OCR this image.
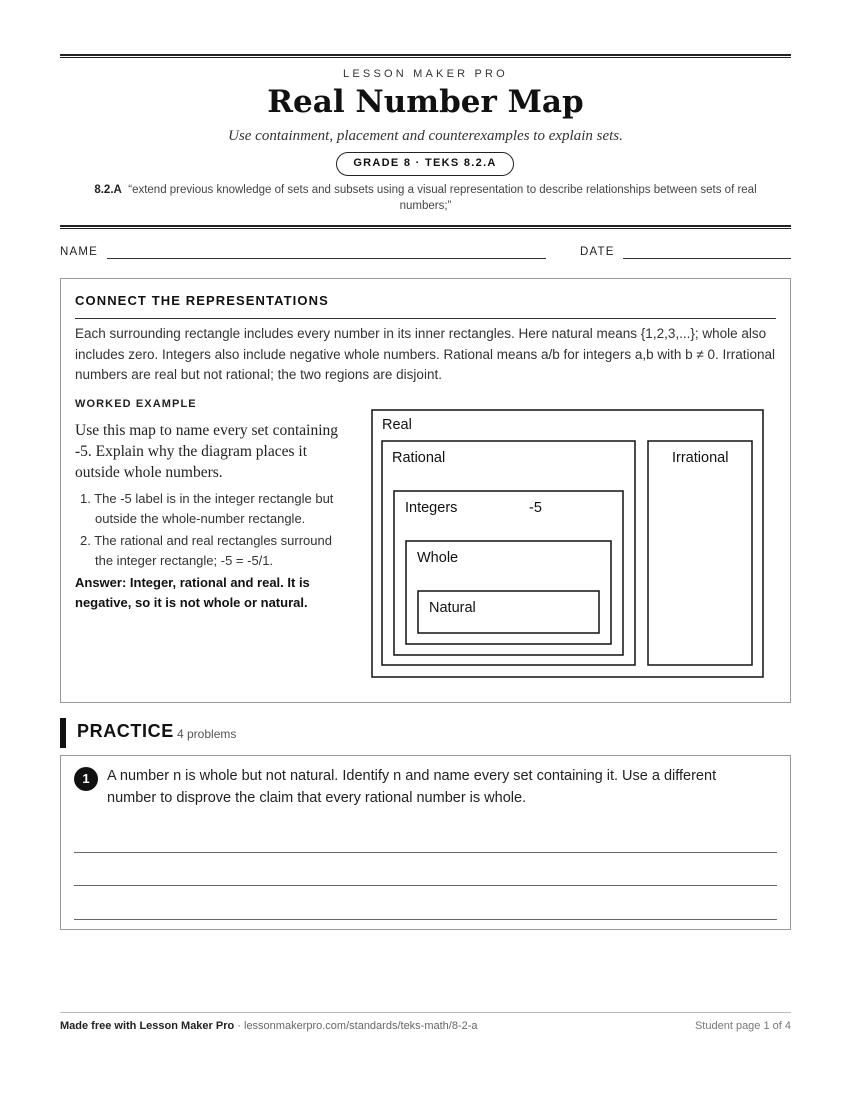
LESSON MAKER PRO
Real Number Map
Use containment, placement and counterexamples to explain sets.
GRADE 8 · TEKS 8.2.A
8.2.A “extend previous knowledge of sets and subsets using a visual representation to describe relationships between sets of real numbers;”
NAME	DATE
CONNECT THE REPRESENTATIONS
Each surrounding rectangle includes every number in its inner rectangles. Here natural means {1,2,3,...}; whole also includes zero. Integers also include negative whole numbers. Rational means a/b for integers a,b with b ≠ 0. Irrational numbers are real but not rational; the two regions are disjoint.
WORKED EXAMPLE
Use this map to name every set containing -5. Explain why the diagram places it outside whole numbers.
1. The -5 label is in the integer rectangle but outside the whole-number rectangle.
2. The rational and real rectangles surround the integer rectangle; -5 = -5/1.
Answer: Integer, rational and real. It is negative, so it is not whole or natural.
Real
Rational	Irrational
Integers	-5
Whole
Natural
PRACTICE 4 problems
1	A number n is whole but not natural. Identify n and name every set containing it. Use a different number to disprove the claim that every rational number is whole.
Made free with Lesson Maker Pro · lessonmakerpro.com/standards/teks-math/8-2-a	Student page 1 of 4
